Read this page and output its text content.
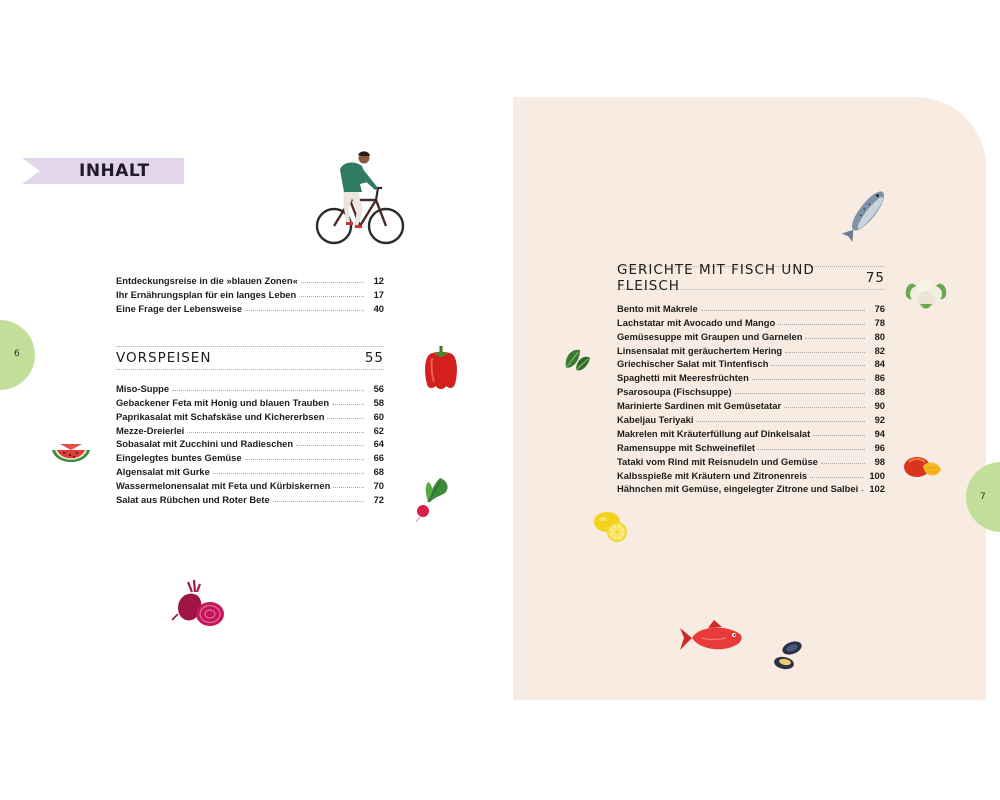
6
7
INHALT
Entdeckungsreise in die »blauen Zonen«	12
Ihr Ernährungsplan für ein langes Leben	17
Eine Frage der Lebensweise	40
VORSPEISEN	55
Miso-Suppe	56
Gebackener Feta mit Honig und blauen Trauben	58
Paprikasalat mit Schafskäse und Kichererbsen	60
Mezze-Dreierlei	62
Sobasalat mit Zucchini und Radieschen	64
Eingelegtes buntes Gemüse	66
Algensalat mit Gurke	68
Wassermelonensalat mit Feta und Kürbiskernen	70
Salat aus Rübchen und Roter Bete	72
GERICHTE MIT FISCH UND FLEISCH	75
Bento mit Makrele	76
Lachstatar mit Avocado und Mango	78
Gemüsesuppe mit Graupen und Garnelen	80
Linsensalat mit geräuchertem Hering	82
Griechischer Salat mit Tintenfisch	84
Spaghetti mit Meeresfrüchten	86
Psarosoupa (Fischsuppe)	88
Marinierte Sardinen mit Gemüsetatar	90
Kabeljau Teriyaki	92
Makrelen mit Kräuterfüllung auf Dinkelsalat	94
Ramensuppe mit Schweinefilet	96
Tataki vom Rind mit Reisnudeln und Gemüse	98
Kalbsspieße mit Kräutern und Zitronenreis	100
Hähnchen mit Gemüse, eingelegter Zitrone und Salbei 102
